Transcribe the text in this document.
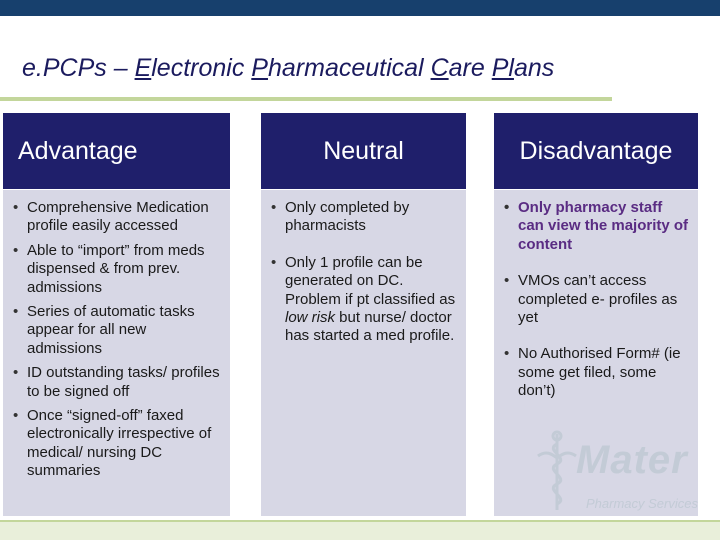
e.PCPs – Electronic Pharmaceutical Care Plans
Advantage
• Comprehensive Medication profile easily accessed
• Able to “import” from meds dispensed & from prev. admissions
• Series of automatic tasks appear for all new admissions
• ID outstanding tasks/ profiles to be signed off
• Once “signed-off” faxed electronically irrespective of medical/ nursing DC summaries
Neutral
• Only completed by pharmacists
• Only 1 profile can be generated on DC. Problem if pt classified as low risk but nurse/ doctor has started a med profile.
Disadvantage
• Only pharmacy staff can view the majority of content
• VMOs can’t access completed e- profiles as yet
• No Authorised Form# (ie some get filed, some don’t)
Mater
Pharmacy Services
